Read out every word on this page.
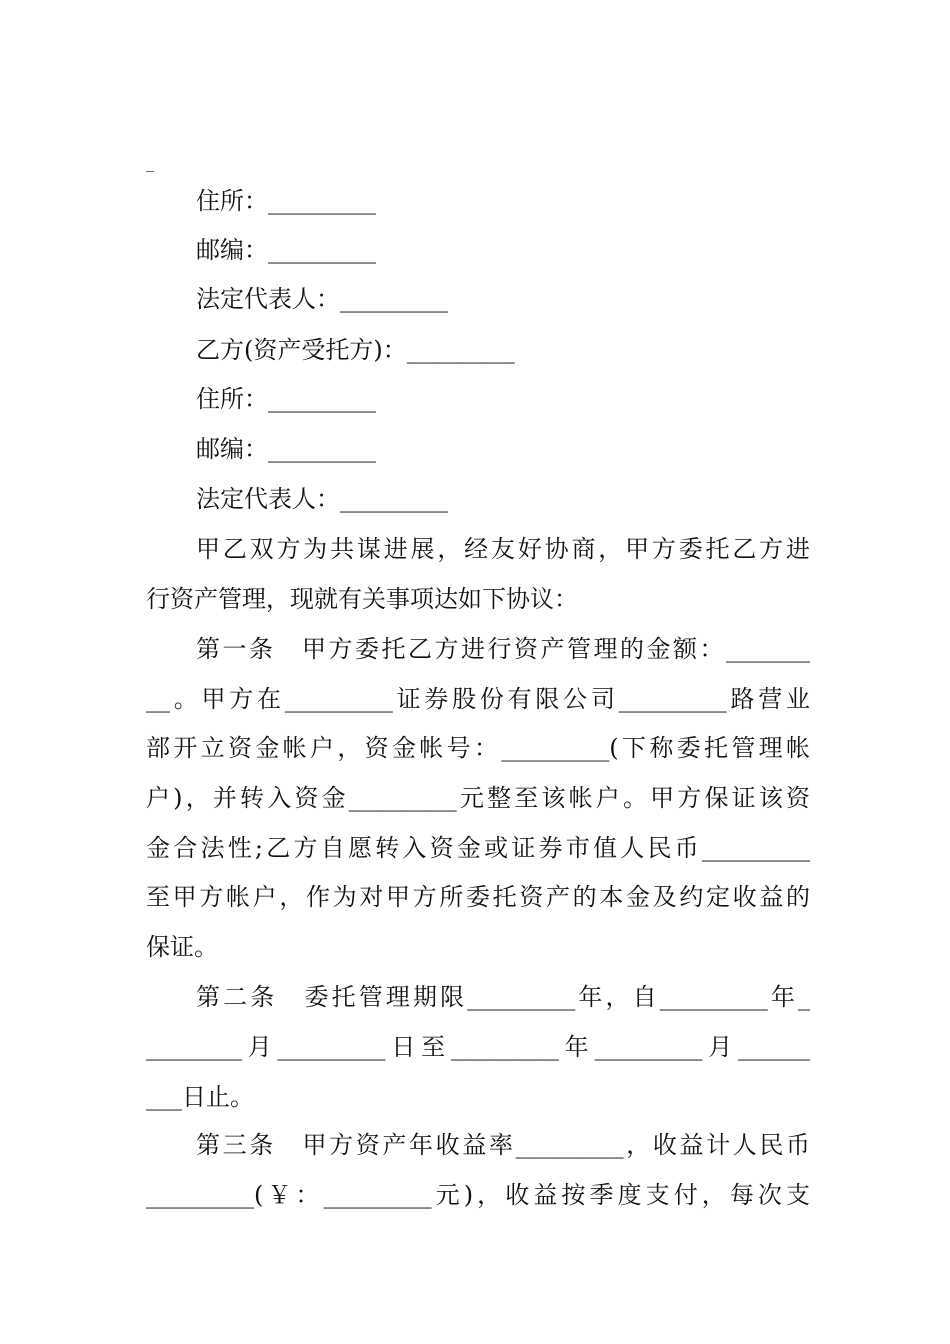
_
住所：_________
邮编：_________
法定代表人：_________
乙方(资产受托方)：_________
住所：_________
邮编：_________
法定代表人：_________
甲乙双方为共谋进展，经友好协商，甲方委托乙方进
行资产管理，现就有关事项达如下协议：
第一条　甲方委托乙方进行资产管理的金额：_______
__。甲方在_________证券股份有限公司_________路营业
部开立资金帐户，资金帐号：_________(下称委托管理帐
户)，并转入资金_________元整至该帐户。甲方保证该资
金合法性;乙方自愿转入资金或证券市值人民币_________
至甲方帐户，作为对甲方所委托资产的本金及约定收益的
保证。
第二条　委托管理期限_________年，自_________年_
________月_________日至_________年_________月______
___日止。
第三条　甲方资产年收益率_________，收益计人民币
_________(￥：_________元)，收益按季度支付，每次支
